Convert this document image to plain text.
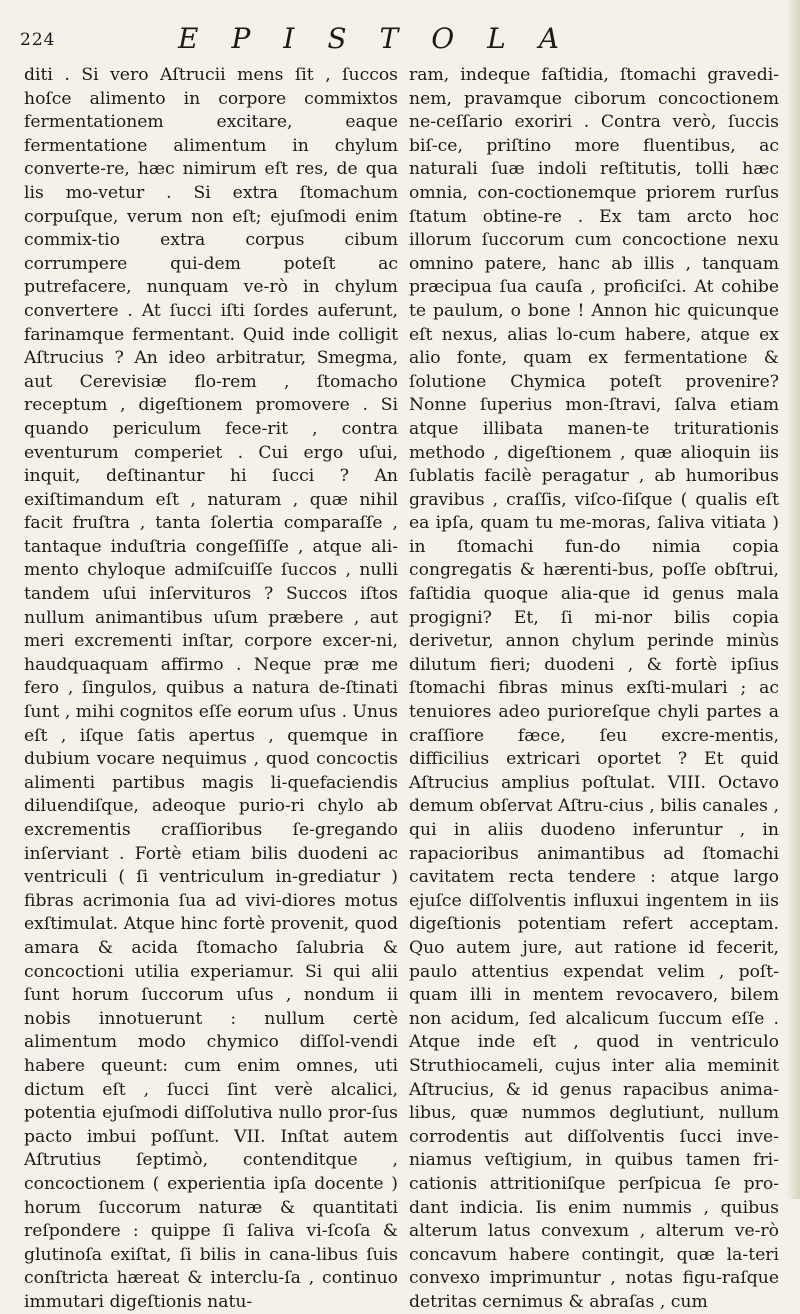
224	EPISTOLA

diti . Si vero Aſtrucii mens ſit , ſuccos hoſce alimento in corpore commixtos fermentationem excitare, eaque fermentatione alimentum in chylum converte-re, hæc nimirum eſt res, de qua lis mo-vetur . Si extra ſtomachum corpuſque, verum non eſt; ejuſmodi enim commix-tio extra corpus cibum corrumpere qui-dem poteſt ac putrefacere, nunquam ve-rò in chylum convertere . At ſucci iſti ſordes auferunt, farinamque fermentant. Quid inde colligit Aſtrucius ? An ideo arbitratur, Smegma, aut Cerevisiæ flo-rem , ſtomacho receptum , digeſtionem promovere . Si quando periculum fece-rit , contra eventurum comperiet . Cui ergo uſui, inquit, deſtinantur hi ſucci ? An exiſtimandum eſt , naturam , quæ nihil facit fruſtra , tanta ſolertia comparaſſe , tantaque induſtria congeſſiſſe , atque ali-mento chyloque admiſcuiſſe ſuccos , nulli tandem uſui inſervituros ? Succos iſtos nullum animantibus uſum præbere , aut meri excrementi inſtar, corpore excer-ni, haudquaquam affirmo . Neque præ me fero , ſingulos, quibus a natura de-ſtinati ſunt , mihi cognitos eſſe eorum uſus . Unus eſt , iſque ſatis apertus , quemque in dubium vocare nequimus , quod concoctis alimenti partibus magis li-quefaciendis diluendiſque, adeoque purio-ri chylo ab excrementis craſſioribus ſe-gregando inſerviant . Fortè etiam bilis duodeni ac ventriculi ( ſi ventriculum in-grediatur ) fibras acrimonia ſua ad vivi-diores motus exſtimulat. Atque hinc fortè provenit, quod amara & acida ſtomacho ſalubria & concoctioni utilia experiamur. Si qui alii ſunt horum ſuccorum uſus , nondum ii nobis innotuerunt : nullum certè alimentum modo chymico diſſol-vendi habere queunt: cum enim omnes, uti dictum eſt , ſucci ſint verè alcalici, potentia ejuſmodi diſſolutiva nullo pror-ſus pacto imbui poſſunt. VII. Inſtat autem Aſtrutius ſeptimò, contenditque , concoctionem ( experientia ipſa docente ) horum ſuccorum naturæ & quantitati reſpondere : quippe ſi ſaliva vi-ſcoſa & glutinoſa exiſtat, ſi bilis in cana-libus ſuis conſtricta hæreat & interclu-ſa , continuo immutari digeſtionis natu-

ram, indeque faſtidia, ſtomachi gravedi-nem, pravamque ciborum concoctionem ne-ceſſario exoriri . Contra verò, ſuccis biſ-ce, priſtino more fluentibus, ac naturali ſuæ indoli reſtitutis, tolli hæc omnia, con-coctionemque priorem rurſus ſtatum obtine-re . Ex tam arcto hoc illorum ſuccorum cum concoctione nexu omnino patere, hanc ab illis , tanquam præcipua ſua cauſa , proficiſci. At cohibe te paulum, o bone ! Annon hic quicunque eſt nexus, alias lo-cum habere, atque ex alio fonte, quam ex fermentatione & ſolutione Chymica poteſt provenire? Nonne ſuperius mon-ſtravi, ſalva etiam atque illibata manen-te triturationis methodo , digeſtionem , quæ alioquin iis ſublatis facilè peragatur , ab humoribus gravibus , craſſis, viſco-ſiſque ( qualis eſt ea ipſa, quam tu me-moras, ſaliva vitiata ) in ſtomachi fun-do nimia copia congregatis & hærenti-bus, poſſe obſtrui, faſtidia quoque alia-que id genus mala progigni? Et, ſi mi-nor bilis copia derivetur, annon chylum perinde minùs dilutum fieri; duodeni , & fortè ipſius ſtomachi fibras minus exſti-mulari ; ac tenuiores adeo purioreſque chyli partes a craſſiore fæce, ſeu excre-mentis, difficilius extricari oportet ? Et quid Aſtrucius amplius poſtulat. VIII. Octavo demum obſervat Aſtru-cius , bilis canales , qui in aliis duodeno inferuntur , in rapacioribus animantibus ad ſtomachi cavitatem recta tendere : atque largo ejuſce diſſolventis influxui ingentem in iis digeſtionis potentiam refert acceptam. Quo autem jure, aut ratione id fecerit, paulo attentius expendat velim , poſt-quam illi in mentem revocavero, bilem non acidum, ſed alcalicum ſuccum eſſe . Atque inde eſt , quod in ventriculo Struthiocameli, cujus inter alia meminit Aſtrucius, & id genus rapacibus anima-libus, quæ nummos deglutiunt, nullum corrodentis aut diſſolventis ſucci inve-niamus veſtigium, in quibus tamen fri-cationis attritioniſque perſpicua ſe pro-dant indicia. Iis enim nummis , quibus alterum latus convexum , alterum ve-rò concavum habere contingit, quæ la-teri convexo imprimuntur , notas figu-raſque detritas cernimus & abraſas , cum
